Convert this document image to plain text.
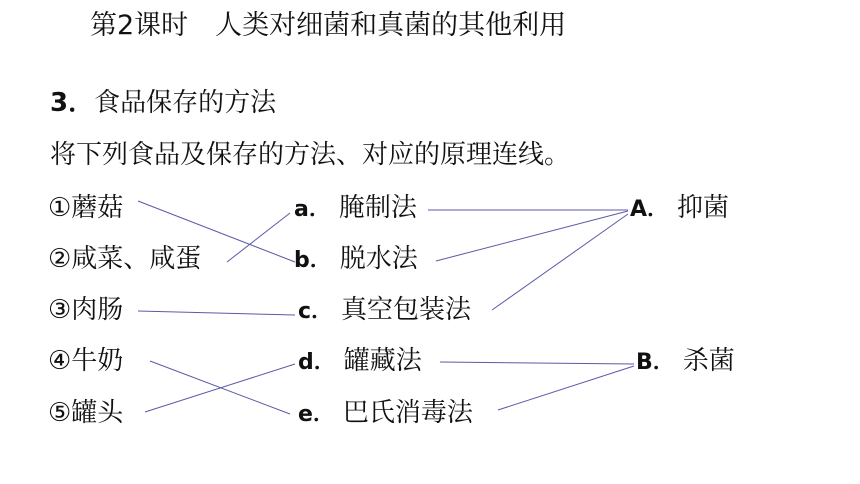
第2课时　人类对细菌和真菌的其他利用
3．食品保存的方法
将下列食品及保存的方法、对应的原理连线。
①蘑菇
②咸菜、咸蛋
③肉肠
④牛奶
⑤罐头
a． 腌制法
b． 脱水法
c． 真空包装法
d． 罐藏法
e． 巴氏消毒法
A． 抑菌
B． 杀菌
